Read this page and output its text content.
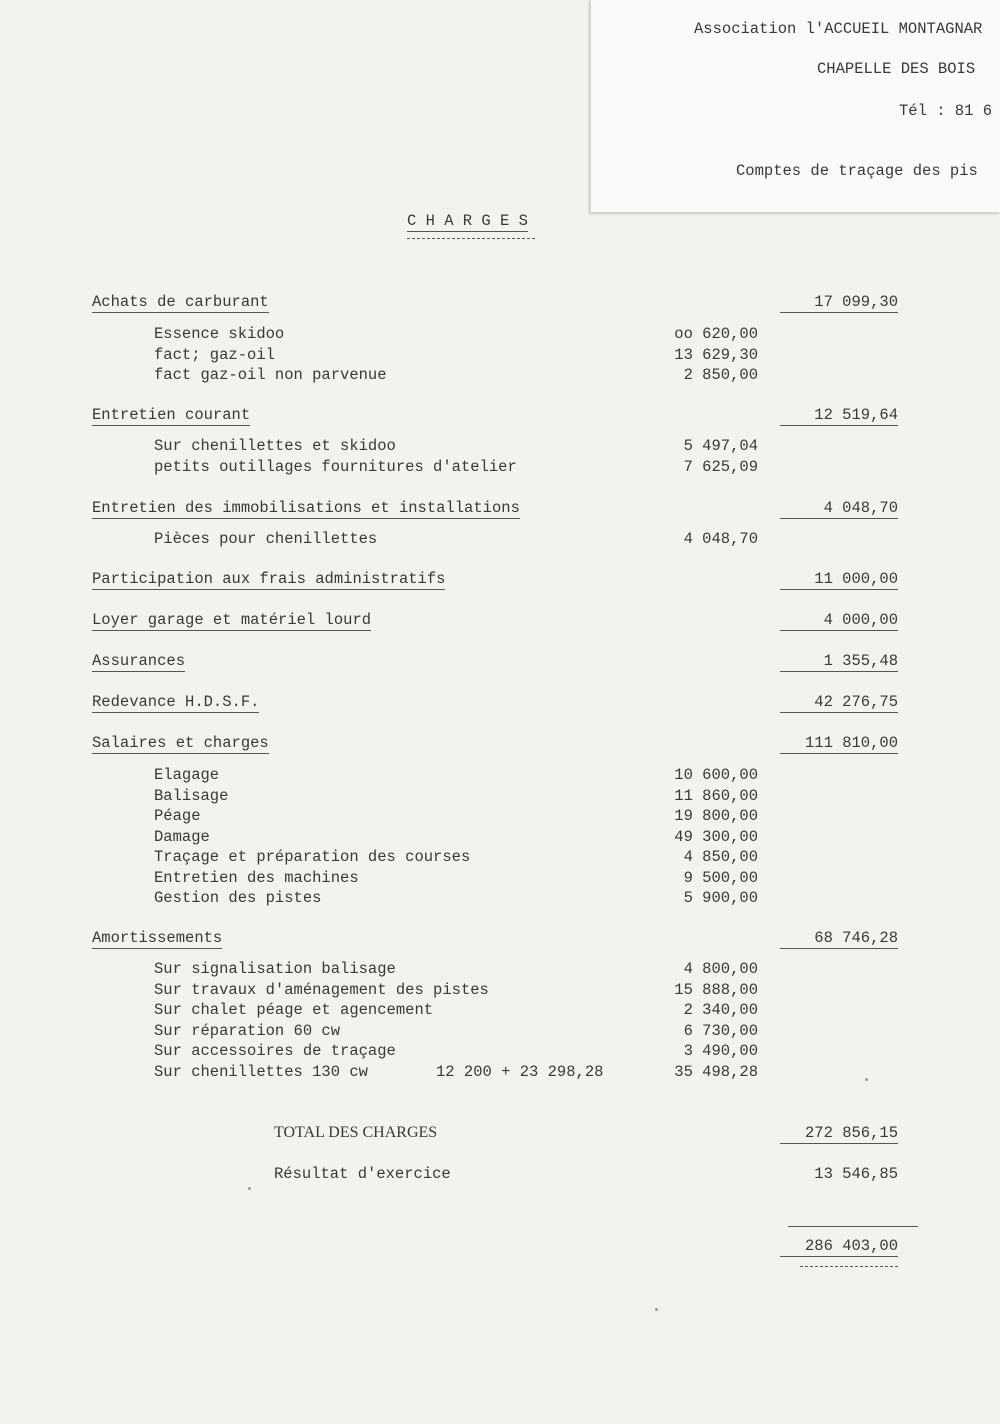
Association l'ACCUEIL MONTAGNAR
CHAPELLE DES BOIS
Tél : 81 6
Comptes de traçage des pis
C H A R G E S
Achats de carburant	17 099,30
Essence skidoo	oo 620,00
fact; gaz-oil	13 629,30
fact gaz-oil non parvenue	2 850,00
Entretien courant	12 519,64
Sur chenillettes et skidoo	5 497,04
petits outillages fournitures d'atelier	7 625,09
Entretien des immobilisations et installations	4 048,70
Pièces pour chenillettes	4 048,70
Participation aux frais administratifs	11 000,00
Loyer garage et matériel lourd	4 000,00
Assurances	1 355,48
Redevance H.D.S.F.	42 276,75
Salaires et charges	111 810,00
Elagage	10 600,00
Balisage	11 860,00
Péage	19 800,00
Damage	49 300,00
Traçage et préparation des courses	4 850,00
Entretien des machines	9 500,00
Gestion des pistes	5 900,00
Amortissements	68 746,28
Sur signalisation balisage	4 800,00
Sur travaux d'aménagement des pistes	15 888,00
Sur chalet péage et agencement	2 340,00
Sur réparation 60 cw	6 730,00
Sur accessoires de traçage	3 490,00
Sur chenillettes 130 cw	12 200 + 23 298,28	35 498,28
TOTAL DES CHARGES	272 856,15
Résultat d'exercice	13 546,85
286 403,00
